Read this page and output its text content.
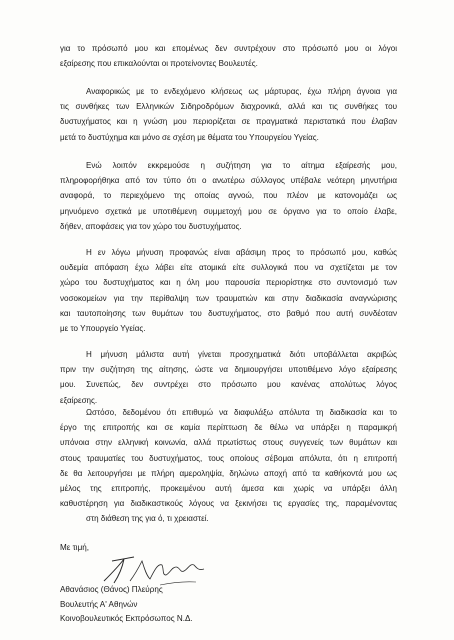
για το πρόσωπό μου και επομένως δεν συντρέχουν στο πρόσωπό μου οι λόγοι
εξαίρεσης που επικαλούνται οι προτείνοντες Βουλευτές.
Αναφορικώς με το ενδεχόμενο κλήσεως ως μάρτυρας, έχω πλήρη άγνοια για
τις συνθήκες των Ελληνικών Σιδηροδρόμων διαχρονικά, αλλά και τις συνθήκες του
δυστυχήματος και η γνώση μου περιορίζεται σε πραγματικά περιστατικά που έλαβαν
μετά το δυστύχημα και μόνο σε σχέση με θέματα του Υπουργείου Υγείας.
Ενώ λοιπόν εκκρεμούσε η συζήτηση για το αίτημα εξαίρεσής μου,
πληροφορήθηκα από τον τύπο ότι ο ανωτέρω σύλλογος υπέβαλε νεότερη μηνυτήρια
αναφορά, το περιεχόμενο της οποίας αγνοώ, που πλέον με κατονομάζει ως
μηνυόμενο σχετικά με υποτιθέμενη συμμετοχή μου σε όργανο για το οποίο έλαβε,
δήθεν, αποφάσεις για τον χώρο του δυστυχήματος.
Η εν λόγω μήνυση προφανώς είναι αβάσιμη προς το πρόσωπό μου, καθώς
ουδεμία απόφαση έχω λάβει είτε ατομικά είτε συλλογικά που να σχετίζεται με τον
χώρο του δυστυχήματος και η όλη μου παρουσία περιορίστηκε στο συντονισμό των
νοσοκομείων για την περίθαλψη των τραυματιών και στην διαδικασία αναγνώρισης
και ταυτοποίησης των θυμάτων του δυστυχήματος, στο βαθμό που αυτή συνδέοταν
με το Υπουργείο Υγείας.
Η μήνυση μάλιστα αυτή γίνεται προσχηματικά διότι υποβάλλεται ακριβώς
πριν την συζήτηση της αίτησης, ώστε να δημιουργήσει υποτιθέμενο λόγο εξαίρεσης
μου. Συνεπώς, δεν συντρέχει στο πρόσωπο μου κανένας απολύτως λόγος
εξαίρεσης.
Ωστόσο, δεδομένου ότι επιθυμώ να διαφυλάξω απόλυτα τη διαδικασία και το
έργο της επιτροπής και σε καμία περίπτωση δε θέλω να υπάρξει η παραμικρή
υπόνοια στην ελληνική κοινωνία, αλλά πρωτίστως στους συγγενείς των θυμάτων και
στους τραυματίες του δυστυχήματος, τους οποίους σέβομαι απόλυτα, ότι η επιτροπή
δε θα λειτουργήσει με πλήρη αμεροληψία, δηλώνω αποχή από τα καθήκοντά μου ως
μέλος της επιτροπής, προκειμένου αυτή άμεσα και χωρίς να υπάρξει άλλη
καθυστέρηση για διαδικαστικούς λόγους να ξεκινήσει τις εργασίες της, παραμένοντας
στη διάθεση της για ό, τι χρειαστεί.
Με τιμή,
Αθανάσιος (Θάνος) Πλεύρης
Βουλευτής Α' Αθηνών
Κοινοβουλευτικός Εκπρόσωπος Ν.Δ.
